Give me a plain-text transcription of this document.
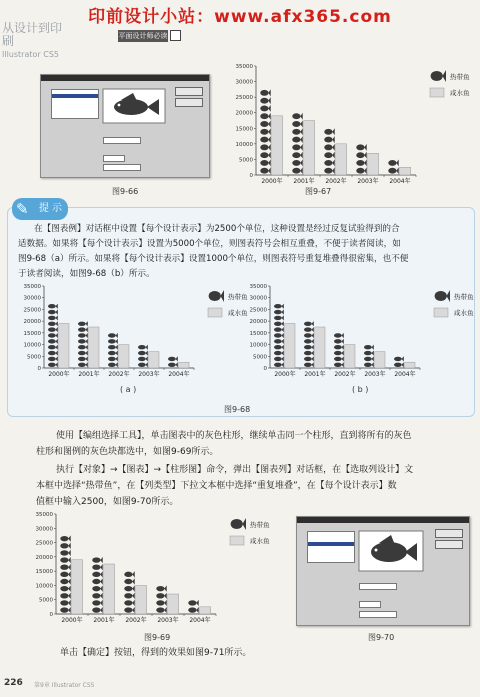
印前设计小站：www.afx365.com
从设计到印刷
Illustrator CS5
平面设计师必读
图9-66
0
5000
10000
15000
20000
25000
30000
35000
2000年 2001年 2002年 2003年 2004年
热带鱼
咸水鱼
图9-67
提 示
✎
在【图表例】对话框中设置【每个设计表示】为2500个单位，这种设置是经过反复试验得到的合
适数据。如果将【每个设计表示】设置为5000个单位，则图表符号会相互重叠，不便于读者阅读，如
图9-68（a）所示。如果将【每个设计表示】设置1000个单位，则图表符号重复堆叠得很密集，也不便
于读者阅读，如图9-68（b）所示。
0
5000
10000
15000
20000
25000
30000
35000
2000年 2001年 2002年 2003年 2004年
热带鱼
咸水鱼
0
5000
10000
15000
20000
25000
30000
35000
2000年 2001年 2002年 2003年 2004年
热带鱼
咸水鱼
( a )	( b )
图9-68
使用【编组选择工具】，单击图表中的灰色柱形，继续单击同一个柱形，直到将所有的灰色
柱形和图例的灰色块都选中，如图9-69所示。
执行【对象】→【图表】→【柱形图】命令，弹出【图表列】对话框，在【选取列设计】文
本框中选择“热带鱼”，在【列类型】下拉文本框中选择“重复堆叠”，在【每个设计表示】数
值框中输入2500，如图9-70所示。
0
5000
10000
15000
20000
25000
30000
35000
2000年 2001年 2002年 2003年 2004年
热带鱼
咸水鱼
图9-69	图9-70
单击【确定】按钮，得到的效果如图9-71所示。
226 第9章 Illustrator CS5
